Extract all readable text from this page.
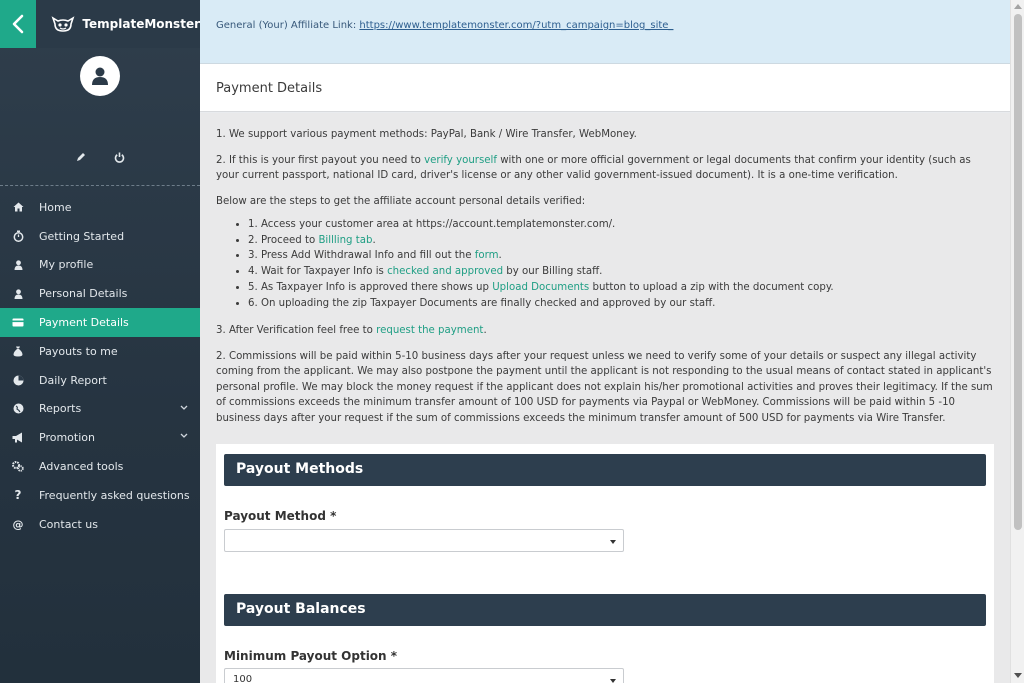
TemplateMonster
Home
Getting Started
My profile
Personal Details
Payment Details
Payouts to me
Daily Report
Reports
Promotion
Advanced tools
? Frequently asked questions
@ Contact us
General (Your) Affiliate Link: https://www.templatemonster.com/?utm_campaign=blog_site_
Payment Details

1. We support various payment methods: PayPal, Bank / Wire Transfer, WebMoney.

2. If this is your first payout you need to verify yourself with one or more official government or legal documents that confirm your identity (such as your current passport, national ID card, driver's license or any other valid government-issued document). It is a one-time verification.

Below are the steps to get the affiliate account personal details verified:

• 1. Access your customer area at https://account.templatemonster.com/.
• 2. Proceed to Billling tab.
• 3. Press Add Withdrawal Info and fill out the form.
• 4. Wait for Taxpayer Info is checked and approved by our Billing staff.
• 5. As Taxpayer Info is approved there shows up Upload Documents button to upload a zip with the document copy.
• 6. On uploading the zip Taxpayer Documents are finally checked and approved by our staff.

3. After Verification feel free to request the payment.

2. Commissions will be paid within 5-10 business days after your request unless we need to verify some of your details or suspect any illegal activity coming from the applicant. We may also postpone the payment until the applicant is not responding to the usual means of contact stated in applicant's personal profile. We may block the money request if the applicant does not explain his/her promotional activities and proves their legitimacy. If the sum of commissions exceeds the minimum transfer amount of 100 USD for payments via Paypal or WebMoney. Commissions will be paid within 5 -10 business days after your request if the sum of commissions exceeds the minimum transfer amount of 500 USD for payments via Wire Transfer.

Payout Methods
Payout Method *
Payout Balances
Minimum Payout Option *
100
